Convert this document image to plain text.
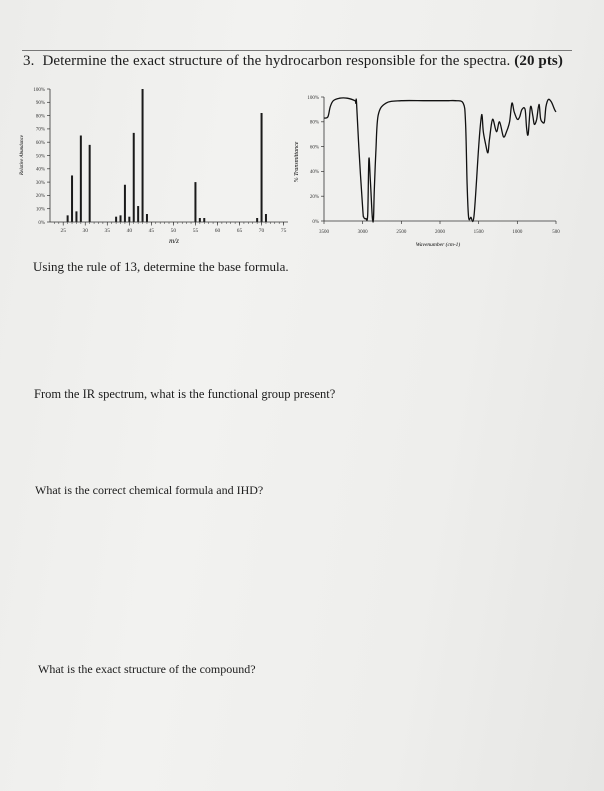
3. Determine the exact structure of the hydrocarbon responsible for the spectra. (20 pts)
0%
10%
20%
30%
40%
50%
60%
70%
80%
90%
100%
25	30	35	40	45	50	55	60	65	70	75
Relative Abundance
m/z
0%
20%
40%
60%
80%
100%
3500	3000	2500	2000	1500	1000	500
% Transmittance
Wavenumber (cm-1)
Using the rule of 13, determine the base formula.
From the IR spectrum, what is the functional group present?
What is the correct chemical formula and IHD?
What is the exact structure of the compound?
